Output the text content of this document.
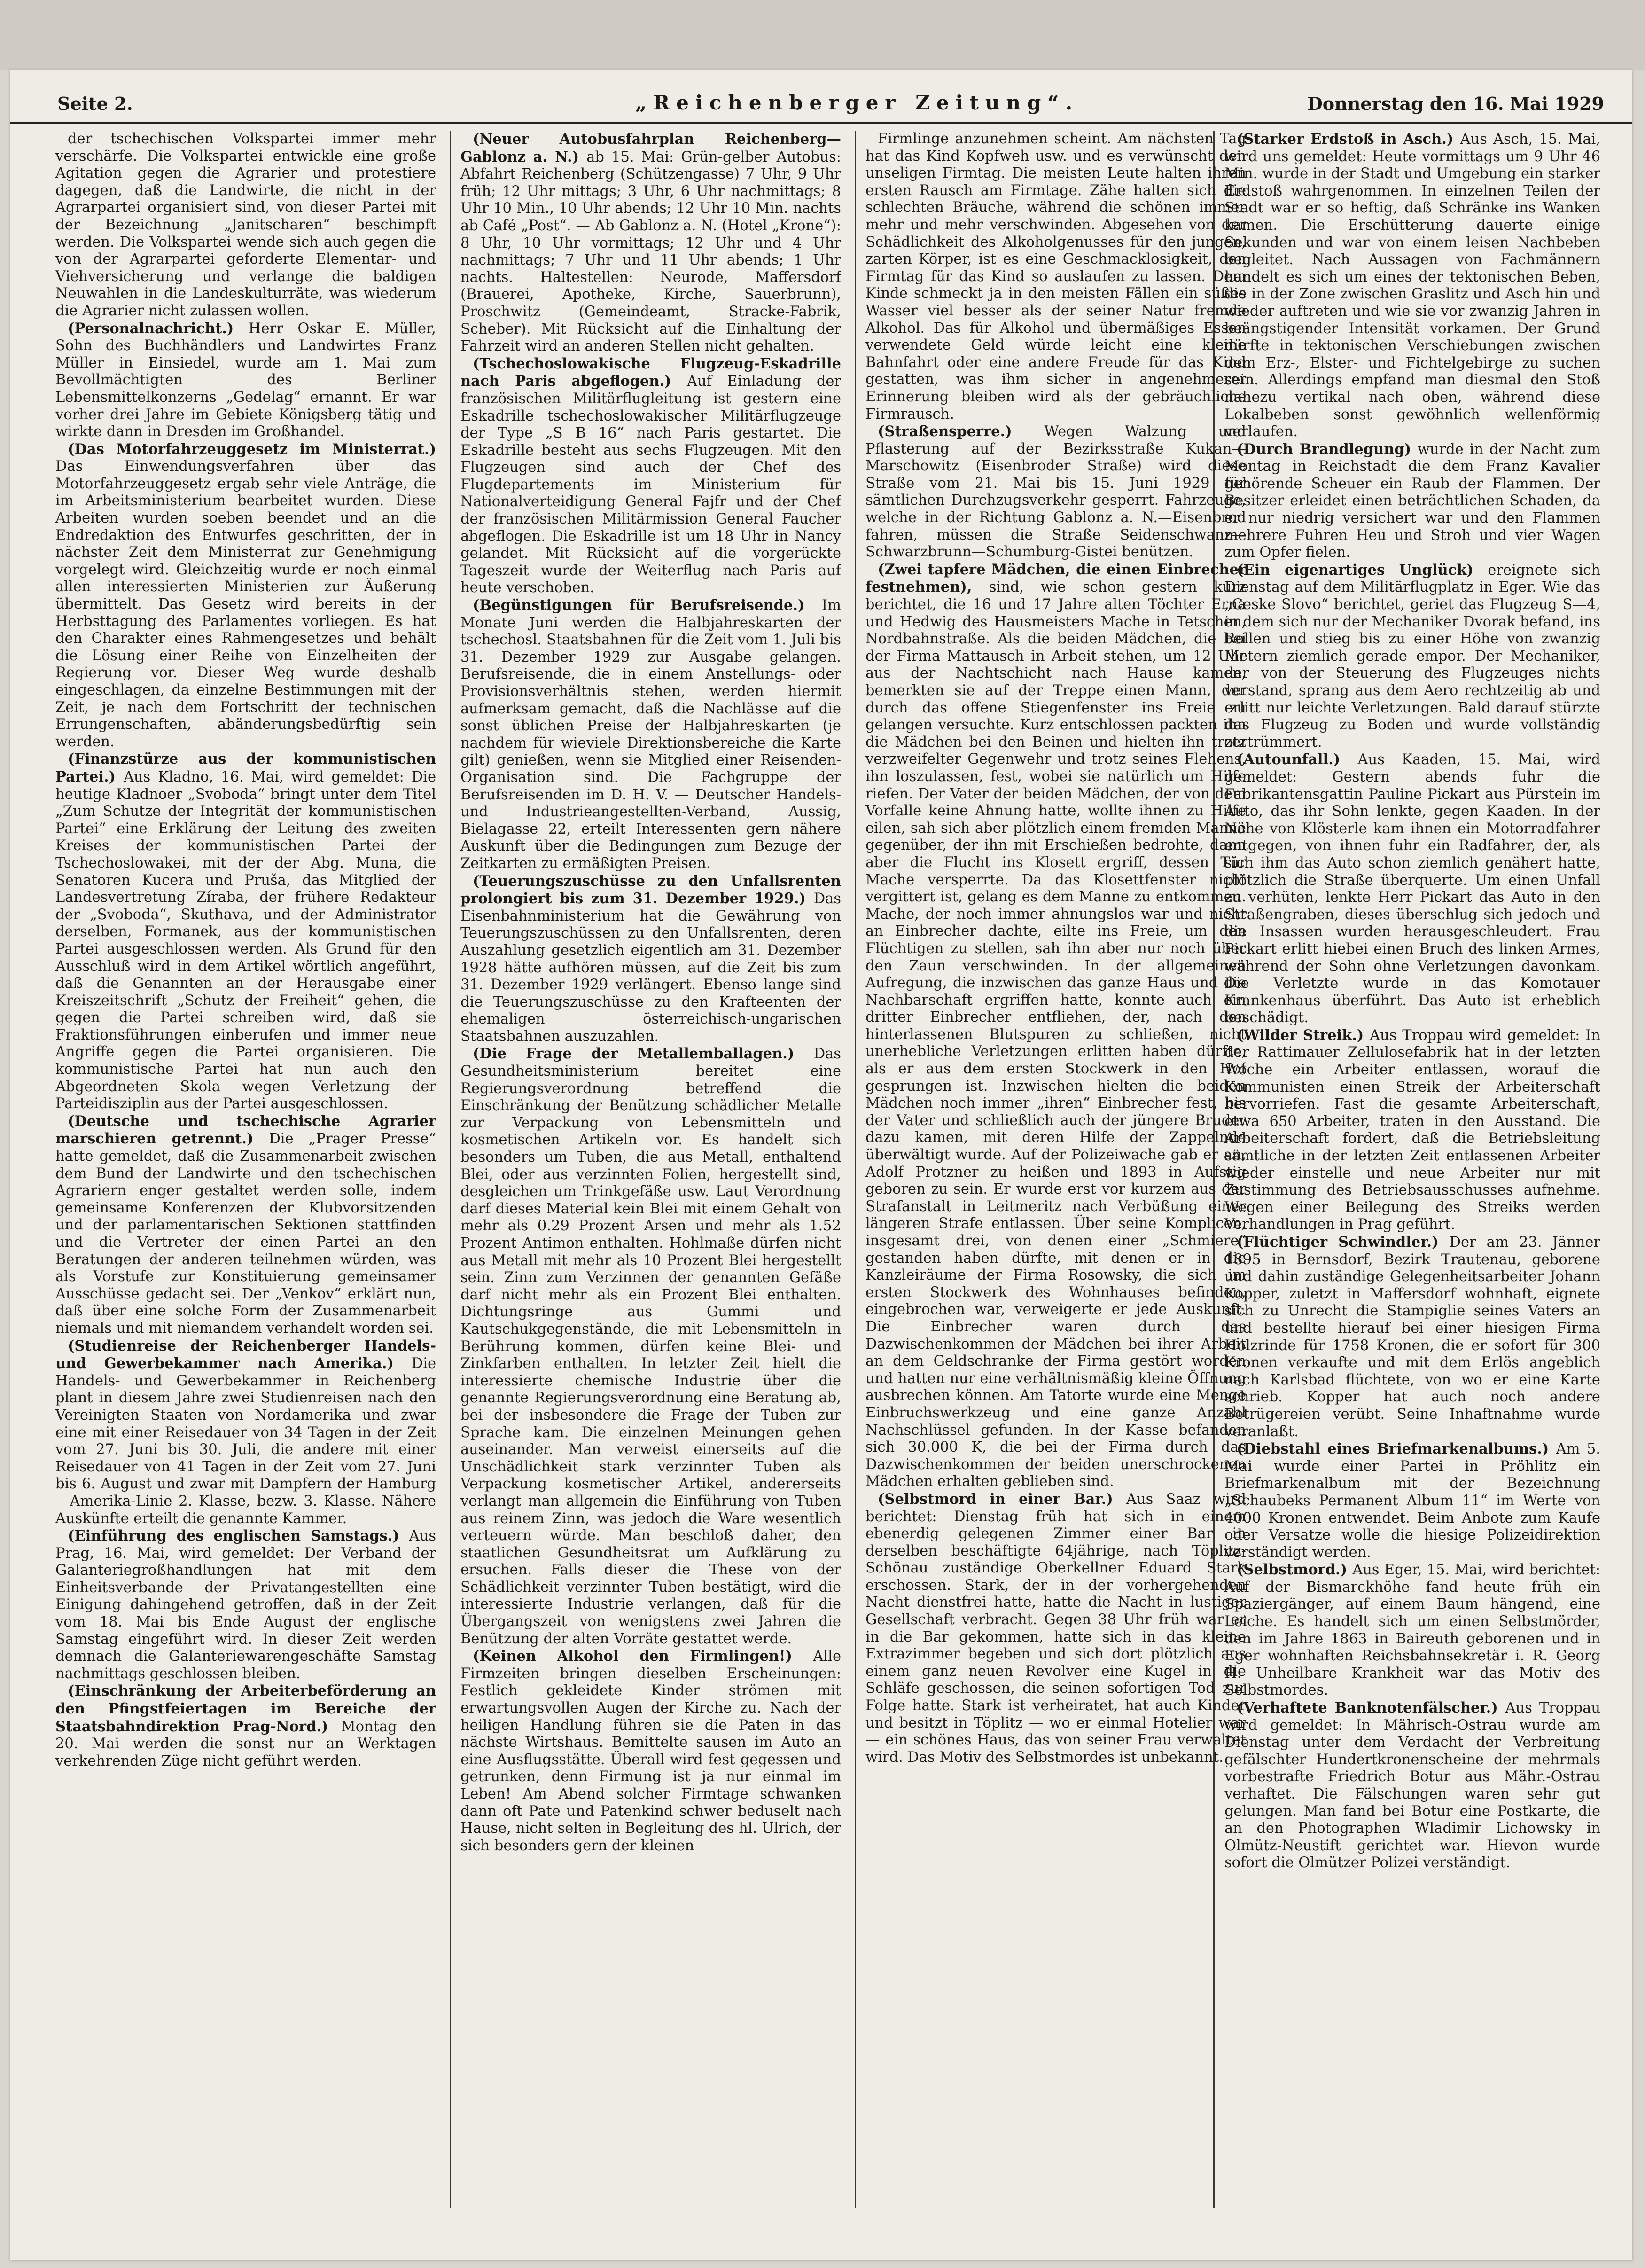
Seite 2.	„Reichenberger Zeitung“.	Donnerstag den 16. Mai 1929

der tschechischen Volkspartei immer mehr verschärfe. Die Volkspartei entwickle eine große Agitation gegen die Agrarier und protestiere dagegen, daß die Landwirte, die nicht in der Agrarpartei organisiert sind, von dieser Partei mit der Bezeichnung „Janitscharen“ beschimpft werden. Die Volkspartei wende sich auch gegen die von der Agrarpartei geforderte Elementar- und Viehversicherung und verlange die baldigen Neuwahlen in die Landeskulturräte, was wiederum die Agrarier nicht zulassen wollen.

(Personalnachricht.) Herr Oskar E. Müller, Sohn des Buchhändlers und Landwirtes Franz Müller in Einsiedel, wurde am 1. Mai zum Bevollmächtigten des Berliner Lebensmittelkonzerns „Gedelag“ ernannt. Er war vorher drei Jahre im Gebiete Königsberg tätig und wirkte dann in Dresden im Großhandel.

(Das Motorfahrzeuggesetz im Ministerrat.) Das Einwendungsverfahren über das Motorfahrzeuggesetz ergab sehr viele Anträge, die im Arbeitsministerium bearbeitet wurden. Diese Arbeiten wurden soeben beendet und an die Endredaktion des Entwurfes geschritten, der in nächster Zeit dem Ministerrat zur Genehmigung vorgelegt wird. Gleichzeitig wurde er noch einmal allen interessierten Ministerien zur Äußerung übermittelt. Das Gesetz wird bereits in der Herbsttagung des Parlamentes vorliegen. Es hat den Charakter eines Rahmengesetzes und behält die Lösung einer Reihe von Einzelheiten der Regierung vor. Dieser Weg wurde deshalb eingeschlagen, da einzelne Bestimmungen mit der Zeit, je nach dem Fortschritt der technischen Errungenschaften, abänderungsbedürftig sein werden.

(Finanzstürze aus der kommunistischen Partei.) Aus Kladno, 16. Mai, wird gemeldet: Die heutige Kladnoer „Svoboda“ bringt unter dem Titel „Zum Schutze der Integrität der kommunistischen Partei“ eine Erklärung der Leitung des zweiten Kreises der kommunistischen Partei der Tschechoslowakei, mit der der Abg. Muna, die Senatoren Kucera und Pruša, das Mitglied der Landesvertretung Zíraba, der frühere Redakteur der „Svoboda“, Skuthava, und der Administrator derselben, Formanek, aus der kommunistischen Partei ausgeschlossen werden. Als Grund für den Ausschluß wird in dem Artikel wörtlich angeführt, daß die Genannten an der Herausgabe einer Kreiszeitschrift „Schutz der Freiheit“ gehen, die gegen die Partei schreiben wird, daß sie Fraktionsführungen einberufen und immer neue Angriffe gegen die Partei organisieren. Die kommunistische Partei hat nun auch den Abgeordneten Skola wegen Verletzung der Parteidisziplin aus der Partei ausgeschlossen.

(Deutsche und tschechische Agrarier marschieren getrennt.) Die „Prager Presse“ hatte gemeldet, daß die Zusammenarbeit zwischen dem Bund der Landwirte und den tschechischen Agrariern enger gestaltet werden solle, indem gemeinsame Konferenzen der Klubvorsitzenden und der parlamentarischen Sektionen stattfinden und die Vertreter der einen Partei an den Beratungen der anderen teilnehmen würden, was als Vorstufe zur Konstituierung gemeinsamer Ausschüsse gedacht sei. Der „Venkov“ erklärt nun, daß über eine solche Form der Zusammenarbeit niemals und mit niemandem verhandelt worden sei.

(Studienreise der Reichenberger Handels- und Gewerbekammer nach Amerika.) Die Handels- und Gewerbekammer in Reichenberg plant in diesem Jahre zwei Studienreisen nach den Vereinigten Staaten von Nordamerika und zwar eine mit einer Reisedauer von 34 Tagen in der Zeit vom 27. Juni bis 30. Juli, die andere mit einer Reisedauer von 41 Tagen in der Zeit vom 27. Juni bis 6. August und zwar mit Dampfern der Hamburg—Amerika-Linie 2. Klasse, bezw. 3. Klasse. Nähere Auskünfte erteilt die genannte Kammer.

(Einführung des englischen Samstags.) Aus Prag, 16. Mai, wird gemeldet: Der Verband der Galanteriegroßhandlungen hat mit dem Einheitsverbande der Privatangestellten eine Einigung dahingehend getroffen, daß in der Zeit vom 18. Mai bis Ende August der englische Samstag eingeführt wird. In dieser Zeit werden demnach die Galanteriewarengeschäfte Samstag nachmittags geschlossen bleiben.

(Einschränkung der Arbeiterbeförderung an den Pfingstfeiertagen im Bereiche der Staatsbahndirektion Prag-Nord.) Montag den 20. Mai werden die sonst nur an Werktagen verkehrenden Züge nicht geführt werden.

(Neuer Autobusfahrplan Reichenberg—Gablonz a. N.) ab 15. Mai: Grün-gelber Autobus: Abfahrt Reichenberg (Schützengasse) 7 Uhr, 9 Uhr früh; 12 Uhr mittags; 3 Uhr, 6 Uhr nachmittags; 8 Uhr 10 Min., 10 Uhr abends; 12 Uhr 10 Min. nachts ab Café „Post“. — Ab Gablonz a. N. (Hotel „Krone“): 8 Uhr, 10 Uhr vormittags; 12 Uhr und 4 Uhr nachmittags; 7 Uhr und 11 Uhr abends; 1 Uhr nachts. Haltestellen: Neurode, Maffersdorf (Brauerei, Apotheke, Kirche, Sauerbrunn), Proschwitz (Gemeindeamt, Stracke-Fabrik, Scheber). Mit Rücksicht auf die Einhaltung der Fahrzeit wird an anderen Stellen nicht gehalten.

(Tschechoslowakische Flugzeug-Eskadrille nach Paris abgeflogen.) Auf Einladung der französischen Militärflugleitung ist gestern eine Eskadrille tschechoslowakischer Militärflugzeuge der Type „S B 16“ nach Paris gestartet. Die Eskadrille besteht aus sechs Flugzeugen. Mit den Flugzeugen sind auch der Chef des Flugdepartements im Ministerium für Nationalverteidigung General Fajfr und der Chef der französischen Militärmission General Faucher abgeflogen. Die Eskadrille ist um 18 Uhr in Nancy gelandet. Mit Rücksicht auf die vorgerückte Tageszeit wurde der Weiterflug nach Paris auf heute verschoben.

(Begünstigungen für Berufsreisende.) Im Monate Juni werden die Halbjahreskarten der tschechosl. Staatsbahnen für die Zeit vom 1. Juli bis 31. Dezember 1929 zur Ausgabe gelangen. Berufsreisende, die in einem Anstellungs- oder Provisionsverhältnis stehen, werden hiermit aufmerksam gemacht, daß die Nachlässe auf die sonst üblichen Preise der Halbjahreskarten (je nachdem für wieviele Direktionsbereiche die Karte gilt) genießen, wenn sie Mitglied einer Reisenden-Organisation sind. Die Fachgruppe der Berufsreisenden im D. H. V. — Deutscher Handels- und Industrieangestellten-Verband, Aussig, Bielagasse 22, erteilt Interessenten gern nähere Auskunft über die Bedingungen zum Bezuge der Zeitkarten zu ermäßigten Preisen.

(Teuerungszuschüsse zu den Unfallsrenten prolongiert bis zum 31. Dezember 1929.) Das Eisenbahnministerium hat die Gewährung von Teuerungszuschüssen zu den Unfallsrenten, deren Auszahlung gesetzlich eigentlich am 31. Dezember 1928 hätte aufhören müssen, auf die Zeit bis zum 31. Dezember 1929 verlängert. Ebenso lange sind die Teuerungszuschüsse zu den Krafteenten der ehemaligen österreichisch-ungarischen Staatsbahnen auszuzahlen.

(Die Frage der Metallemballagen.) Das Gesundheitsministerium bereitet eine Regierungsverordnung betreffend die Einschränkung der Benützung schädlicher Metalle zur Verpackung von Lebensmitteln und kosmetischen Artikeln vor. Es handelt sich besonders um Tuben, die aus Metall, enthaltend Blei, oder aus verzinnten Folien, hergestellt sind, desgleichen um Trinkgefäße usw. Laut Verordnung darf dieses Material kein Blei mit einem Gehalt von mehr als 0.29 Prozent Arsen und mehr als 1.52 Prozent Antimon enthalten. Hohlmaße dürfen nicht aus Metall mit mehr als 10 Prozent Blei hergestellt sein. Zinn zum Verzinnen der genannten Gefäße darf nicht mehr als ein Prozent Blei enthalten. Dichtungsringe aus Gummi und Kautschukgegenstände, die mit Lebensmitteln in Berührung kommen, dürfen keine Blei- und Zinkfarben enthalten. In letzter Zeit hielt die interessierte chemische Industrie über die genannte Regierungsverordnung eine Beratung ab, bei der insbesondere die Frage der Tuben zur Sprache kam. Die einzelnen Meinungen gehen auseinander. Man verweist einerseits auf die Unschädlichkeit stark verzinnter Tuben als Verpackung kosmetischer Artikel, andererseits verlangt man allgemein die Einführung von Tuben aus reinem Zinn, was jedoch die Ware wesentlich verteuern würde. Man beschloß daher, den staatlichen Gesundheitsrat um Aufklärung zu ersuchen. Falls dieser die These von der Schädlichkeit verzinnter Tuben bestätigt, wird die interessierte Industrie verlangen, daß für die Übergangszeit von wenigstens zwei Jahren die Benützung der alten Vorräte gestattet werde.

(Keinen Alkohol den Firmlingen!) Alle Firmzeiten bringen dieselben Erscheinungen: Festlich gekleidete Kinder strömen mit erwartungsvollen Augen der Kirche zu. Nach der heiligen Handlung führen sie die Paten in das nächste Wirtshaus. Bemittelte sausen im Auto an eine Ausflugsstätte. Überall wird fest gegessen und getrunken, denn Firmung ist ja nur einmal im Leben! Am Abend solcher Firmtage schwanken dann oft Pate und Patenkind schwer beduselt nach Hause, nicht selten in Begleitung des hl. Ulrich, der sich besonders gern der kleinen

Firmlinge anzunehmen scheint. Am nächsten Tag hat das Kind Kopfweh usw. und es verwünscht den unseligen Firmtag. Die meisten Leute halten ihren ersten Rausch am Firmtage. Zähe halten sich die schlechten Bräuche, während die schönen immer mehr und mehr verschwinden. Abgesehen von der Schädlichkeit des Alkoholgenusses für den jungen, zarten Körper, ist es eine Geschmacklosigkeit, den Firmtag für das Kind so auslaufen zu lassen. Dem Kinde schmeckt ja in den meisten Fällen ein süßes Wasser viel besser als der seiner Natur fremde Alkohol. Das für Alkohol und übermäßiges Essen verwendete Geld würde leicht eine kleine Bahnfahrt oder eine andere Freude für das Kind gestatten, was ihm sicher in angenehmerer Erinnerung bleiben wird als der gebräuchliche Firmrausch.

(Straßensperre.) Wegen Walzung und Pflasterung auf der Bezirksstraße Kukan—Marschowitz (Eisenbroder Straße) wird diese Straße vom 21. Mai bis 15. Juni 1929 für sämtlichen Durchzugsverkehr gesperrt. Fahrzeuge, welche in der Richtung Gablonz a. N.—Eisenbrod fahren, müssen die Straße Seidenschwanz—Schwarzbrunn—Schumburg-Gistei benützen.

(Zwei tapfere Mädchen, die einen Einbrecher festnehmen), sind, wie schon gestern kurz berichtet, die 16 und 17 Jahre alten Töchter Erna und Hedwig des Hausmeisters Mache in Tetschen, Nordbahnstraße. Als die beiden Mädchen, die bei der Firma Mattausch in Arbeit stehen, um 12 Uhr aus der Nachtschicht nach Hause kamen, bemerkten sie auf der Treppe einen Mann, der durch das offene Stiegenfenster ins Freie zu gelangen versuchte. Kurz entschlossen packten ihn die Mädchen bei den Beinen und hielten ihn trotz verzweifelter Gegenwehr und trotz seines Flehens, ihn loszulassen, fest, wobei sie natürlich um Hilfe riefen. Der Vater der beiden Mädchen, der von dem Vorfalle keine Ahnung hatte, wollte ihnen zu Hilfe eilen, sah sich aber plötzlich einem fremden Manne gegenüber, der ihn mit Erschießen bedrohte, dann aber die Flucht ins Klosett ergriff, dessen Tür Mache versperrte. Da das Klosettfenster nicht vergittert ist, gelang es dem Manne zu entkommen. Mache, der noch immer ahnungslos war und nicht an Einbrecher dachte, eilte ins Freie, um den Flüchtigen zu stellen, sah ihn aber nur noch über den Zaun verschwinden. In der allgemeinen Aufregung, die inzwischen das ganze Haus und die Nachbarschaft ergriffen hatte, konnte auch ein dritter Einbrecher entfliehen, der, nach den hinterlassenen Blutspuren zu schließen, nicht unerhebliche Verletzungen erlitten haben dürfte, als er aus dem ersten Stockwerk in den Hof gesprungen ist. Inzwischen hielten die beiden Mädchen noch immer „ihren“ Einbrecher fest, bis der Vater und schließlich auch der jüngere Bruder dazu kamen, mit deren Hilfe der Zappelnde überwältigt wurde. Auf der Polizeiwache gab er an, Adolf Protzner zu heißen und 1893 in Aufstig geboren zu sein. Er wurde erst vor kurzem aus der Strafanstalt in Leitmeritz nach Verbüßung einer längeren Strafe entlassen. Über seine Komplicen, insgesamt drei, von denen einer „Schmiere“ gestanden haben dürfte, mit denen er in die Kanzleiräume der Firma Rosowsky, die sich im ersten Stockwerk des Wohnhauses befinden, eingebrochen war, verweigerte er jede Auskunft. Die Einbrecher waren durch das Dazwischenkommen der Mädchen bei ihrer Arbeit an dem Geldschranke der Firma gestört worden und hatten nur eine verhältnismäßig kleine Öffnung ausbrechen können. Am Tatorte wurde eine Menge Einbruchswerkzeug und eine ganze Anzahl Nachschlüssel gefunden. In der Kasse befanden sich 30.000 K, die bei der Firma durch das Dazwischenkommen der beiden unerschrockenen Mädchen erhalten geblieben sind.

(Selbstmord in einer Bar.) Aus Saaz wird berichtet: Dienstag früh hat sich in einem ebenerdig gelegenen Zimmer einer Bar in derselben beschäftigte 64jährige, nach Töplitz-Schönau zuständige Oberkellner Eduard Stark erschossen. Stark, der in der vorhergehenden Nacht dienstfrei hatte, hatte die Nacht in lustiger Gesellschaft verbracht. Gegen 38 Uhr früh war er in die Bar gekommen, hatte sich in das kleine Extrazimmer begeben und sich dort plötzlich aus einem ganz neuen Revolver eine Kugel in die Schläfe geschossen, die seinen sofortigen Tod zur Folge hatte. Stark ist verheiratet, hat auch Kinder und besitzt in Töplitz — wo er einmal Hotelier war — ein schönes Haus, das von seiner Frau verwaltet wird. Das Motiv des Selbstmordes ist unbekannt.

(Starker Erdstoß in Asch.) Aus Asch, 15. Mai, wird uns gemeldet: Heute vormittags um 9 Uhr 46 Min. wurde in der Stadt und Umgebung ein starker Erdstoß wahrgenommen. In einzelnen Teilen der Stadt war er so heftig, daß Schränke ins Wanken kamen. Die Erschütterung dauerte einige Sekunden und war von einem leisen Nachbeben begleitet. Nach Aussagen von Fachmännern handelt es sich um eines der tektonischen Beben, die in der Zone zwischen Graslitz und Asch hin und wieder auftreten und wie sie vor zwanzig Jahren in beängstigender Intensität vorkamen. Der Grund dürfte in tektonischen Verschiebungen zwischen dem Erz-, Elster- und Fichtelgebirge zu suchen sein. Allerdings empfand man diesmal den Stoß nahezu vertikal nach oben, während diese Lokalbeben sonst gewöhnlich wellenförmig verlaufen.

(Durch Brandlegung) wurde in der Nacht zum Montag in Reichstadt die dem Franz Kavalier gehörende Scheuer ein Raub der Flammen. Der Besitzer erleidet einen beträchtlichen Schaden, da er nur niedrig versichert war und den Flammen mehrere Fuhren Heu und Stroh und vier Wagen zum Opfer fielen.

(Ein eigenartiges Unglück) ereignete sich Dienstag auf dem Militärflugplatz in Eger. Wie das „Ceske Slovo“ berichtet, geriet das Flugzeug S—4, in dem sich nur der Mechaniker Dvorak befand, ins Rollen und stieg bis zu einer Höhe von zwanzig Metern ziemlich gerade empor. Der Mechaniker, der von der Steuerung des Flugzeuges nichts verstand, sprang aus dem Aero rechtzeitig ab und erlitt nur leichte Verletzungen. Bald darauf stürzte das Flugzeug zu Boden und wurde vollständig zertrümmert.

(Autounfall.) Aus Kaaden, 15. Mai, wird gemeldet: Gestern abends fuhr die Fabrikantensgattin Pauline Pickart aus Pürstein im Auto, das ihr Sohn lenkte, gegen Kaaden. In der Nähe von Klösterle kam ihnen ein Motorradfahrer entgegen, von ihnen fuhr ein Radfahrer, der, als sich ihm das Auto schon ziemlich genähert hatte, plötzlich die Straße überquerte. Um einen Unfall zu verhüten, lenkte Herr Pickart das Auto in den Straßengraben, dieses überschlug sich jedoch und die Insassen wurden herausgeschleudert. Frau Pickart erlitt hiebei einen Bruch des linken Armes, während der Sohn ohne Verletzungen davonkam. Die Verletzte wurde in das Komotauer Krankenhaus überführt. Das Auto ist erheblich beschädigt.

(Wilder Streik.) Aus Troppau wird gemeldet: In der Rattimauer Zellulosefabrik hat in der letzten Woche ein Arbeiter entlassen, worauf die Kommunisten einen Streik der Arbeiterschaft hervorriefen. Fast die gesamte Arbeiterschaft, etwa 650 Arbeiter, traten in den Ausstand. Die Arbeiterschaft fordert, daß die Betriebsleitung sämtliche in der letzten Zeit entlassenen Arbeiter wieder einstelle und neue Arbeiter nur mit Zustimmung des Betriebsausschusses aufnehme. Wegen einer Beilegung des Streiks werden Verhandlungen in Prag geführt.

(Flüchtiger Schwindler.) Der am 23. Jänner 1895 in Bernsdorf, Bezirk Trautenau, geborene und dahin zuständige Gelegenheitsarbeiter Johann Kopper, zuletzt in Maffersdorf wohnhaft, eignete sich zu Unrecht die Stampiglie seines Vaters an und bestellte hierauf bei einer hiesigen Firma Holzrinde für 1758 Kronen, die er sofort für 300 Kronen verkaufte und mit dem Erlös angeblich nach Karlsbad flüchtete, von wo er eine Karte schrieb. Kopper hat auch noch andere Betrügereien verübt. Seine Inhaftnahme wurde veranlaßt.

(Diebstahl eines Briefmarkenalbums.) Am 5. Mai wurde einer Partei in Pröhlitz ein Briefmarkenalbum mit der Bezeichnung „Schaubeks Permanent Album 11“ im Werte von 4000 Kronen entwendet. Beim Anbote zum Kaufe oder Versatze wolle die hiesige Polizeidirektion verständigt werden.

(Selbstmord.) Aus Eger, 15. Mai, wird berichtet: Auf der Bismarckhöhe fand heute früh ein Spaziergänger, auf einem Baum hängend, eine Leiche. Es handelt sich um einen Selbstmörder, den im Jahre 1863 in Baireuth geborenen und in Eger wohnhaften Reichsbahnsekretär i. R. Georg H. Unheilbare Krankheit war das Motiv des Selbstmordes.

(Verhaftete Banknotenfälscher.) Aus Troppau wird gemeldet: In Mährisch-Ostrau wurde am Dienstag unter dem Verdacht der Verbreitung gefälschter Hundertkronenscheine der mehrmals vorbestrafte Friedrich Botur aus Mähr.-Ostrau verhaftet. Die Fälschungen waren sehr gut gelungen. Man fand bei Botur eine Postkarte, die an den Photographen Wladimir Lichowsky in Olmütz-Neustift gerichtet war. Hievon wurde sofort die Olmützer Polizei verständigt.
